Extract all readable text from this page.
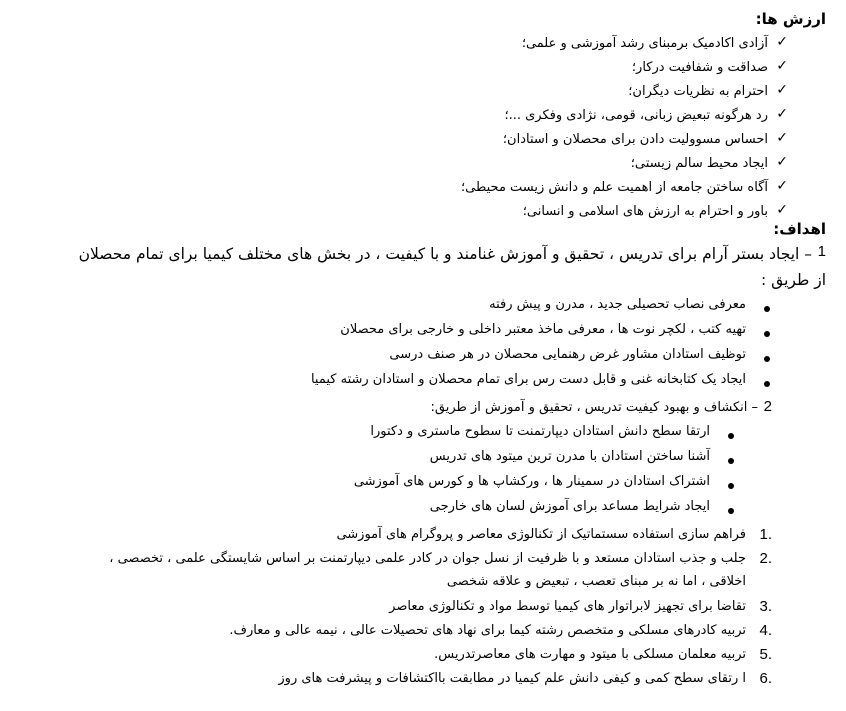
ارزش ها:
آزادی اکادمیک برمبنای رشد آموزشی و علمی؛ ✓
صداقت و شفافیت درکار؛ ✓
احترام به نظریات دیگران؛ ✓
رد هرگونه تبعیض زبانی، قومی، نژادی وفکری ...؛ ✓
احساس مسوولیت دادن برای محصلان و استادان؛ ✓
ایجاد محیط سالم زیستی؛ ✓
آگاه ساختن جامعه از اهمیت علم و دانش زیست محیطی؛ ✓
باور و احترام به ارزش های اسلامی و انسانی؛ ✓
اهداف:
1
– ایجاد بستر آرام برای تدریس ، تحقیق و آموزش غنامند و با کیفیت ، در بخش های مختلف کیمیا برای تمام محصلان
از طریق :
معرفی نصاب تحصیلی جدید ، مدرن و پیش رفته
تهیه کتب ، لکچر نوت ها ، معرفی ماخذ معتبر داخلی و خارجی برای محصلان
توظیف استادان مشاور غرض رهنمایی محصلان در هر صنف درسی
ایجاد یک کتابخانه غنی و قابل دست رس برای تمام محصلان و استادان رشته کیمیا
2
– انکشاف و بهبود کیفیت تدریس ، تحقیق و آموزش از طریق:
ارتقا سطح دانش استادان دیپارتمنت تا سطوح ماستری و دکتورا
آشنا ساختن استادان با مدرن ترین میتود های تدریس
اشتراک استادان در سمینار ها ، ورکشاپ ها و کورس های آموزشی
ایجاد شرایط مساعد برای آموزش لسان های خارجی
1.
فراهم سازی استفاده سستماتیک از تکنالوژی معاصر و پروگرام های آموزشی
2.
جلب و جذب استادان مستعد و با ظرفیت از نسل جوان در کادر علمی دیپارتمنت بر اساس شایستگی علمی ، تخصصی ،
اخلاقی ، اما نه بر مبنای تعصب ، تبعیض و علاقه شخصی
3.
تقاضا برای تجهیز لابراتوار های کیمیا توسط مواد و تکنالوژی معاصر
4.
تربیه کادرهای مسلکی و متخصص رشته کیما برای نهاد های تحصیلات عالی ، نیمه عالی و معارف.
5.
تربیه معلمان مسلکی با میتود و مهارت های معاصرتدریس.
6.
ا رتقای سطح کمی و کیفی دانش علم کیمیا در مطابقت بااکتشافات و پیشرفت های روز
